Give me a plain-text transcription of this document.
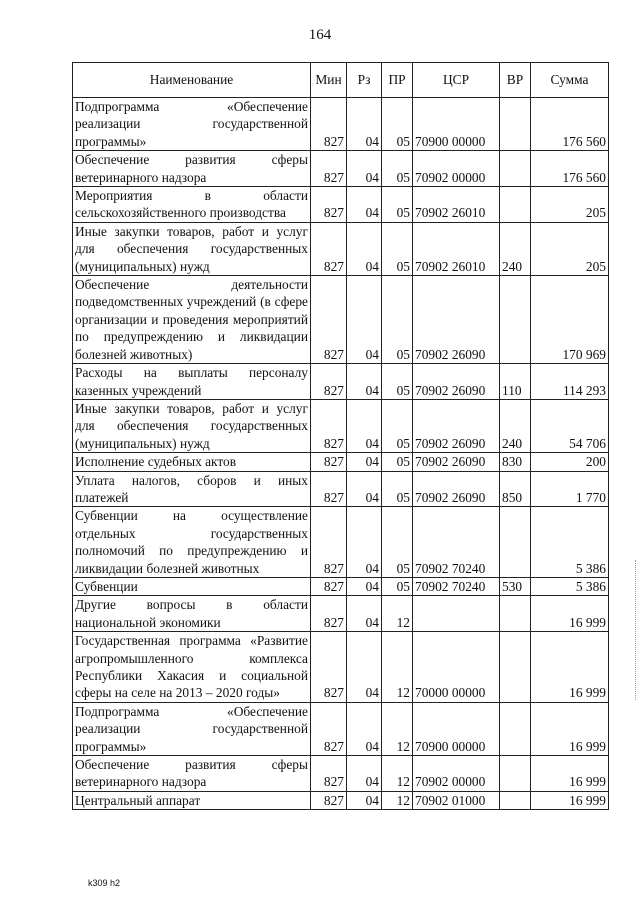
164
Наименование	Мин	Рз	ПР	ЦСР	ВР	Сумма
Подпрограмма «Обеспечение реализации государственной программы»	827	04	05	70900 00000		176 560
Обеспечение развития сферы ветеринарного надзора	827	04	05	70902 00000		176 560
Мероприятия в области сельскохозяйственного производства	827	04	05	70902 26010		205
Иные закупки товаров, работ и услуг для обеспечения государственных (муниципальных) нужд	827	04	05	70902 26010	240	205
Обеспечение деятельности подведомственных учреждений (в сфере организации и проведения мероприятий по предупреждению и ликвидации болезней животных)	827	04	05	70902 26090		170 969
Расходы на выплаты персоналу казенных учреждений	827	04	05	70902 26090	110	114 293
Иные закупки товаров, работ и услуг для обеспечения государственных (муниципальных) нужд	827	04	05	70902 26090	240	54 706
Исполнение судебных актов	827	04	05	70902 26090	830	200
Уплата налогов, сборов и иных платежей	827	04	05	70902 26090	850	1 770
Субвенции на осуществление отдельных государственных полномочий по предупреждению и ликвидации болезней животных	827	04	05	70902 70240		5 386
Субвенции	827	04	05	70902 70240	530	5 386
Другие вопросы в области национальной экономики	827	04	12			16 999
Государственная программа «Развитие агропромышленного комплекса Республики Хакасия и социальной сферы на селе на 2013 – 2020 годы»	827	04	12	70000 00000		16 999
Подпрограмма «Обеспечение реализации государственной программы»	827	04	12	70900 00000		16 999
Обеспечение развития сферы ветеринарного надзора	827	04	12	70902 00000		16 999
Центральный аппарат	827	04	12	70902 01000		16 999
k309 h2
